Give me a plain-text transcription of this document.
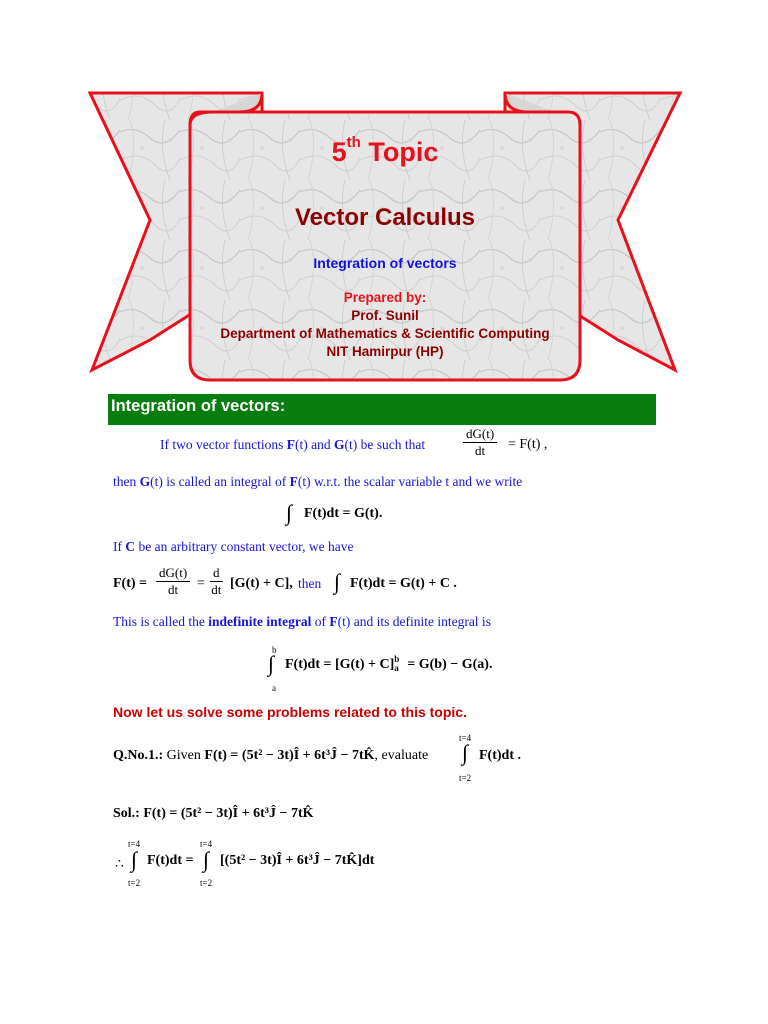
5th Topic
Vector Calculus
Integration of vectors
Prepared by:
Prof. Sunil
Department of Mathematics & Scientific Computing
NIT Hamirpur (HP)
Integration of vectors:
If two vector functions F(t) and G(t) be such that	$\frac{dG(t)}{dt} = F(t)$ ,
then G(t) is called an integral of F(t) w.r.t. the scalar variable t and we write
∫ F(t)dt = G(t).
If C be an arbitrary constant vector, we have
$F(t) = \frac{dG(t)}{dt} = \frac{d}{dt} [G(t) + C]$, then ∫ F(t)dt = G(t) + C .
This is called the indefinite integral of F(t) and its definite integral is
b
∫
a
$F(t)dt = [G(t) + C]^b_a = G(b) - G(a)$.
Now let us solve some problems related to this topic.
Q.No.1.: Given F(t) = (5t² − 3t)Î + 6t³Ĵ − 7tK̂, evaluate
t=4
∫
t=2
F(t)dt .
Sol.: F(t) = (5t² − 3t)Î + 6t³Ĵ − 7tK̂
∴
t=4
∫
t=2
F(t)dt =
t=4
∫
t=2
[(5t² − 3t)Î + 6t³Ĵ − 7tK̂]dt
